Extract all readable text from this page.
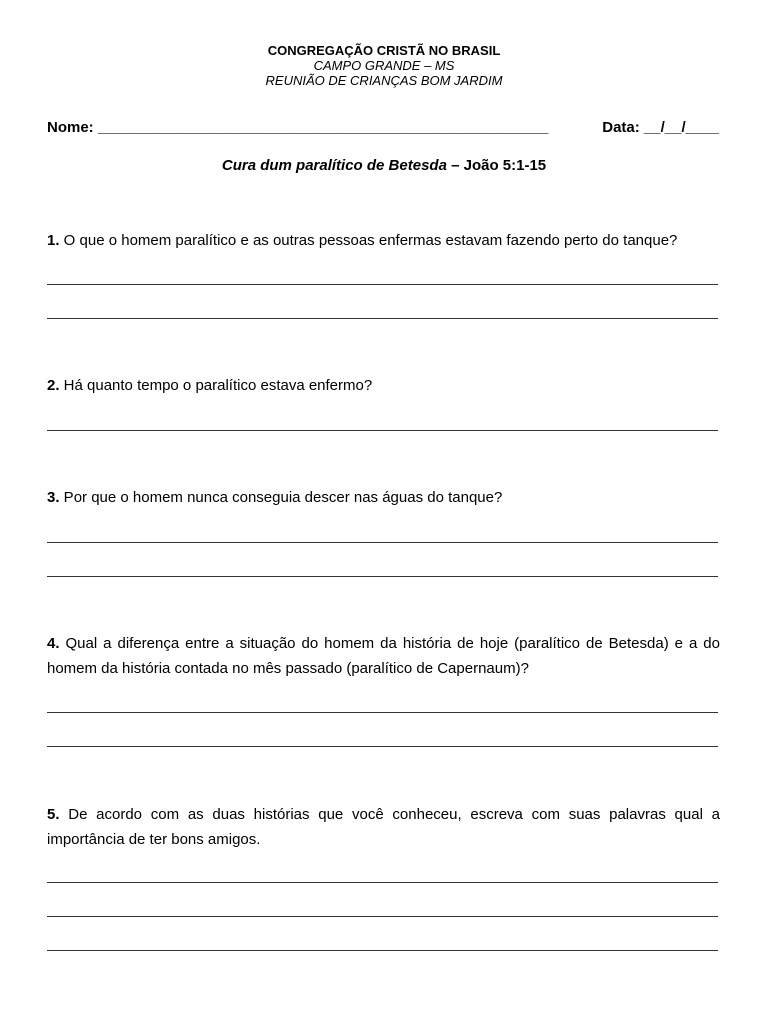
CONGREGAÇÃO CRISTÃ NO BRASIL
CAMPO GRANDE – MS
REUNIÃO DE CRIANÇAS BOM JARDIM
Nome: ______________________________________________________	Data: __/__/____
Cura dum paralítico de Betesda – João 5:1-15
1. O que o homem paralítico e as outras pessoas enfermas estavam fazendo perto do tanque?
2. Há quanto tempo o paralítico estava enfermo?
3. Por que o homem nunca conseguia descer nas águas do tanque?
4. Qual a diferença entre a situação do homem da história de hoje (paralítico de Betesda) e a do homem da história contada no mês passado (paralítico de Capernaum)?
5. De acordo com as duas histórias que você conheceu, escreva com suas palavras qual a importância de ter bons amigos.
